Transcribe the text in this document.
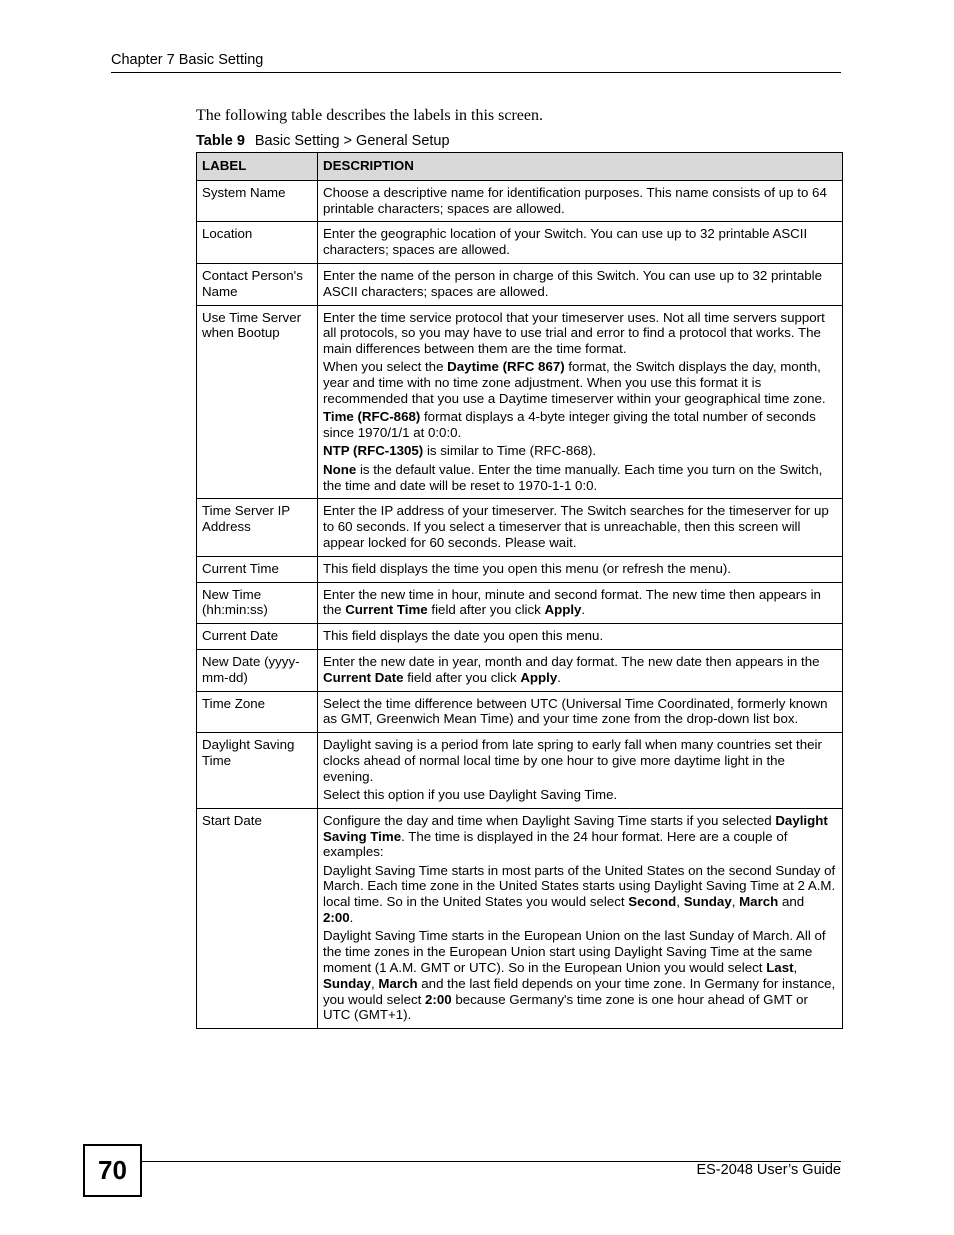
Chapter 7 Basic Setting
The following table describes the labels in this screen.
Table 9 Basic Setting > General Setup
LABEL	DESCRIPTION
System Name	Choose a descriptive name for identification purposes. This name consists of up to 64 printable characters; spaces are allowed.

Location	Enter the geographic location of your Switch. You can use up to 32 printable ASCII characters; spaces are allowed.

Contact Person's Name	Enter the name of the person in charge of this Switch. You can use up to 32 printable ASCII characters; spaces are allowed.

Use Time Server when Bootup	Enter the time service protocol that your timeserver uses. Not all time servers support all protocols, so you may have to use trial and error to find a protocol that works. The main differences between them are the time format.

When you select the Daytime (RFC 867) format, the Switch displays the day, month, year and time with no time zone adjustment. When you use this format it is recommended that you use a Daytime timeserver within your geographical time zone.

Time (RFC-868) format displays a 4-byte integer giving the total number of seconds since 1970/1/1 at 0:0:0.

NTP (RFC-1305) is similar to Time (RFC-868).

None is the default value. Enter the time manually. Each time you turn on the Switch, the time and date will be reset to 1970-1-1 0:0.

Time Server IP Address	Enter the IP address of your timeserver. The Switch searches for the timeserver for up to 60 seconds. If you select a timeserver that is unreachable, then this screen will appear locked for 60 seconds. Please wait.

Current Time	This field displays the time you open this menu (or refresh the menu).

New Time (hh:min:ss)	Enter the new time in hour, minute and second format. The new time then appears in the Current Time field after you click Apply.

Current Date	This field displays the date you open this menu.

New Date (yyyy-mm-dd)	Enter the new date in year, month and day format. The new date then appears in the Current Date field after you click Apply.

Time Zone	Select the time difference between UTC (Universal Time Coordinated, formerly known as GMT, Greenwich Mean Time) and your time zone from the drop-down list box.

Daylight Saving Time	Daylight saving is a period from late spring to early fall when many countries set their clocks ahead of normal local time by one hour to give more daytime light in the evening.

Select this option if you use Daylight Saving Time.

Start Date	Configure the day and time when Daylight Saving Time starts if you selected Daylight Saving Time. The time is displayed in the 24 hour format. Here are a couple of examples:

Daylight Saving Time starts in most parts of the United States on the second Sunday of March. Each time zone in the United States starts using Daylight Saving Time at 2 A.M. local time. So in the United States you would select Second, Sunday, March and 2:00.

Daylight Saving Time starts in the European Union on the last Sunday of March. All of the time zones in the European Union start using Daylight Saving Time at the same moment (1 A.M. GMT or UTC). So in the European Union you would select Last, Sunday, March and the last field depends on your time zone. In Germany for instance, you would select 2:00 because Germany's time zone is one hour ahead of GMT or UTC (GMT+1).

70	ES-2048 User’s Guide
